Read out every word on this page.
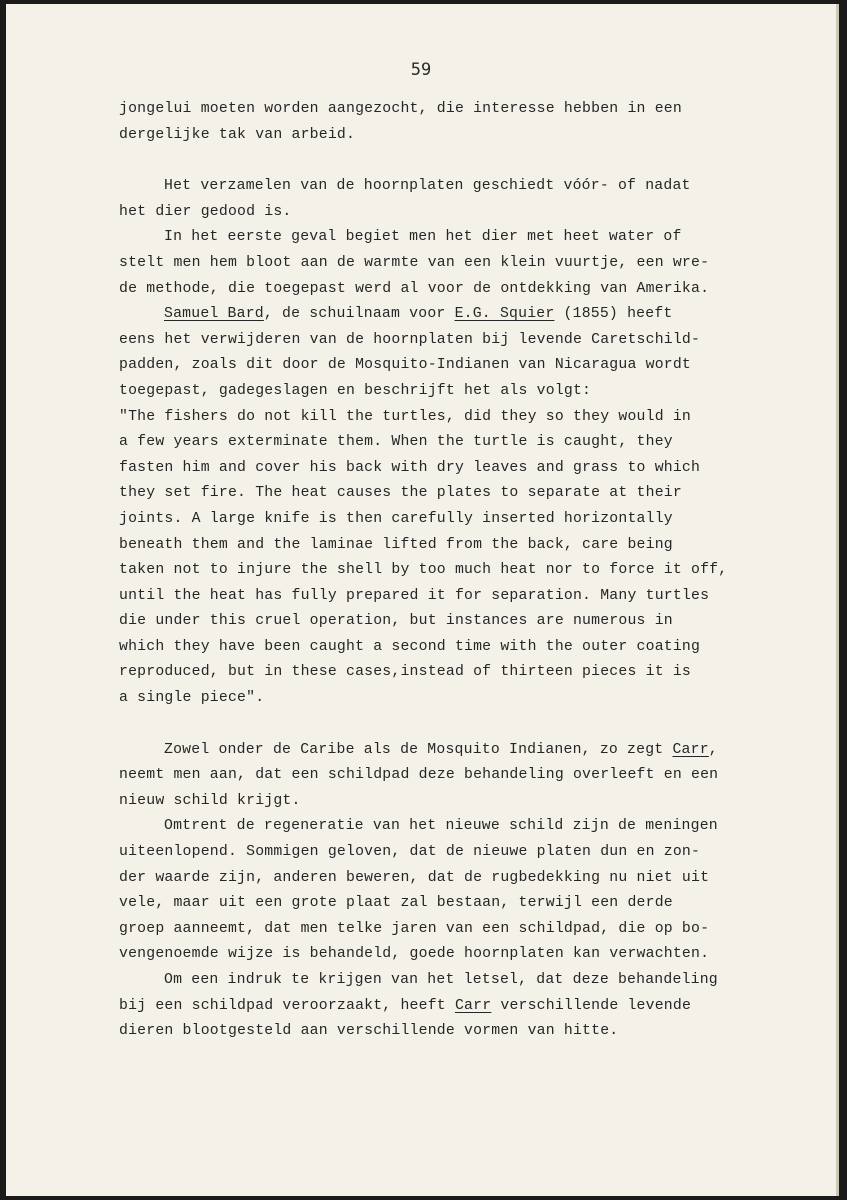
59
jongelui moeten worden aangezocht, die interesse hebben in een
dergelijke tak van arbeid.
Het verzamelen van de hoornplaten geschiedt vóór- of nadat
het dier gedood is.
In het eerste geval begiet men het dier met heet water of
stelt men hem bloot aan de warmte van een klein vuurtje, een wre-
de methode, die toegepast werd al voor de ontdekking van Amerika.
Samuel Bard, de schuilnaam voor E.G. Squier (1855) heeft
eens het verwijderen van de hoornplaten bij levende Caretschild-
padden, zoals dit door de Mosquito-Indianen van Nicaragua wordt
toegepast, gadegeslagen en beschrijft het als volgt:
"The fishers do not kill the turtles, did they so they would in
a few years exterminate them. When the turtle is caught, they
fasten him and cover his back with dry leaves and grass to which
they set fire. The heat causes the plates to separate at their
joints. A large knife is then carefully inserted horizontally
beneath them and the laminae lifted from the back, care being
taken not to injure the shell by too much heat nor to force it off,
until the heat has fully prepared it for separation. Many turtles
die under this cruel operation, but instances are numerous in
which they have been caught a second time with the outer coating
reproduced, but in these cases,instead of thirteen pieces it is
a single piece".
Zowel onder de Caribe als de Mosquito Indianen, zo zegt Carr,
neemt men aan, dat een schildpad deze behandeling overleeft en een
nieuw schild krijgt.
Omtrent de regeneratie van het nieuwe schild zijn de meningen
uiteenlopend. Sommigen geloven, dat de nieuwe platen dun en zon-
der waarde zijn, anderen beweren, dat de rugbedekking nu niet uit
vele, maar uit een grote plaat zal bestaan, terwijl een derde
groep aanneemt, dat men telke jaren van een schildpad, die op bo-
vengenoemde wijze is behandeld, goede hoornplaten kan verwachten.
Om een indruk te krijgen van het letsel, dat deze behandeling
bij een schildpad veroorzaakt, heeft Carr verschillende levende
dieren blootgesteld aan verschillende vormen van hitte.
